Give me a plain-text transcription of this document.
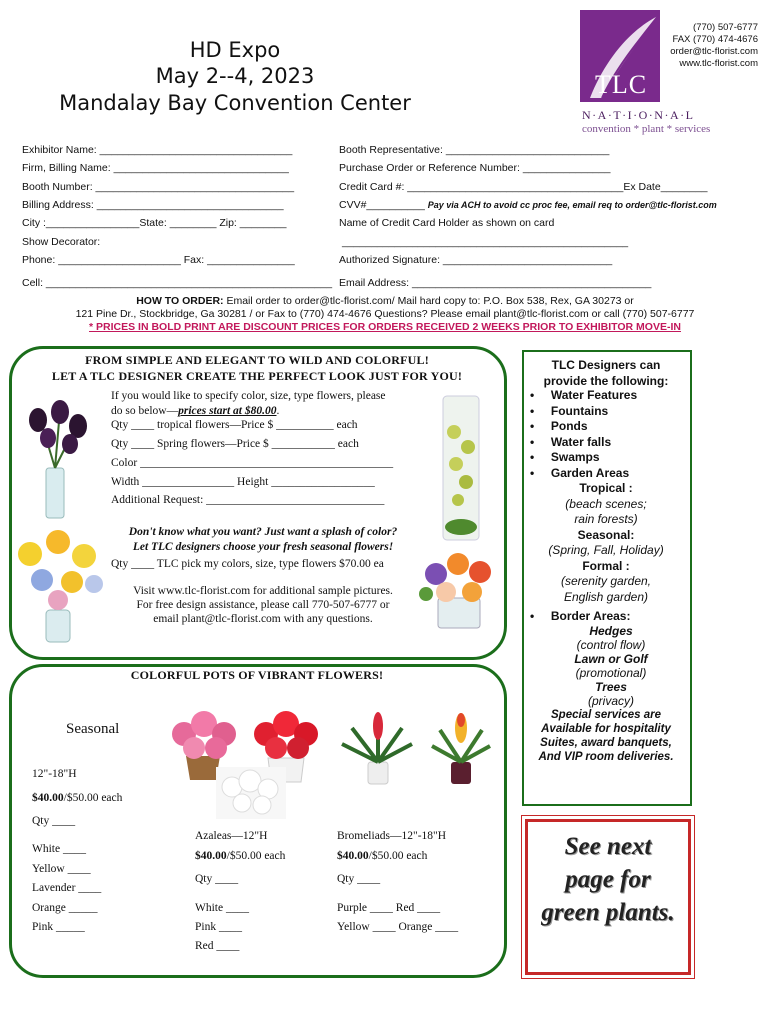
HD Expo
May 2--4, 2023
Mandalay Bay Convention Center
TLC
N·A·T·I·O·N·A·L
convention * plant * services
(770) 507-6777
FAX (770) 474-4676
order@tlc-florist.com
www.tlc-florist.com
Exhibitor Name: _________________________________
Firm, Billing Name: ______________________________
Booth Number: __________________________________
Billing Address: ________________________________
City :________________State: ________ Zip: ________
Show Decorator:
Phone: _____________________ Fax: _______________
Cell: _________________________________________________
Booth Representative: ____________________________
Purchase Order or Reference Number: _______________
Credit Card #: _____________________________________Ex Date________
CVV#__________ Pay via ACH to avoid cc proc fee, email req to order@tlc-florist.com
Name of Credit Card Holder as shown on card
_________________________________________________
Authorized Signature: _____________________________
Email Address: _________________________________________
HOW TO ORDER: Email order to order@tlc-florist.com/ Mail hard copy to: P.O. Box 538, Rex, GA 30273 or
121 Pine Dr., Stockbridge, Ga 30281 / or Fax to (770) 474-4676 Questions? Please email plant@tlc-florist.com or call (770) 507-6777
* PRICES IN BOLD PRINT ARE DISCOUNT PRICES FOR ORDERS RECEIVED 2 WEEKS PRIOR TO EXHIBITOR MOVE-IN
FROM SIMPLE AND ELEGANT TO WILD AND COLORFUL!
LET A TLC DESIGNER CREATE THE PERFECT LOOK JUST FOR YOU!
If you would like to specify color, size, type flowers, please
do so below—prices start at $80.00.
Qty ____ tropical flowers—Price $ __________ each
Qty ____ Spring flowers—Price $ ___________ each
Color ____________________________________________
Width ________________ Height __________________
Additional Request: _______________________________
Don't know what you want? Just want a splash of color?
Let TLC designers choose your fresh seasonal flowers!
Qty ____ TLC pick my colors, size, type flowers $70.00 ea
Visit www.tlc-florist.com for additional sample pictures.
For free design assistance, please call 770-507-6777 or
email plant@tlc-florist.com with any questions.
COLORFUL POTS OF VIBRANT FLOWERS!
Seasonal
12"-18"H
$40.00/$50.00 each
Qty ____
White ____
Yellow ____
Lavender ____
Orange _____
Pink _____
Azaleas—12"H
$40.00/$50.00 each
Qty ____
White ____
Pink ____
Red ____
Bromeliads—12"-18"H
$40.00/$50.00 each
Qty ____
Purple ____ Red ____
Yellow ____ Orange ____
TLC Designers can
provide the following:
•     Water Features
•     Fountains
•     Ponds
•     Water falls
•     Swamps
•     Garden Areas
Tropical :
(beach scenes;
rain forests)
Seasonal:
(Spring, Fall, Holiday)
Formal :
(serenity garden,
English garden)
•     Border Areas:
Hedges
(control flow)
Lawn or Golf
(promotional)
Trees
(privacy)
Special services are
Available for hospitality
Suites, award banquets,
And VIP room deliveries.
See next
page for
green plants.
